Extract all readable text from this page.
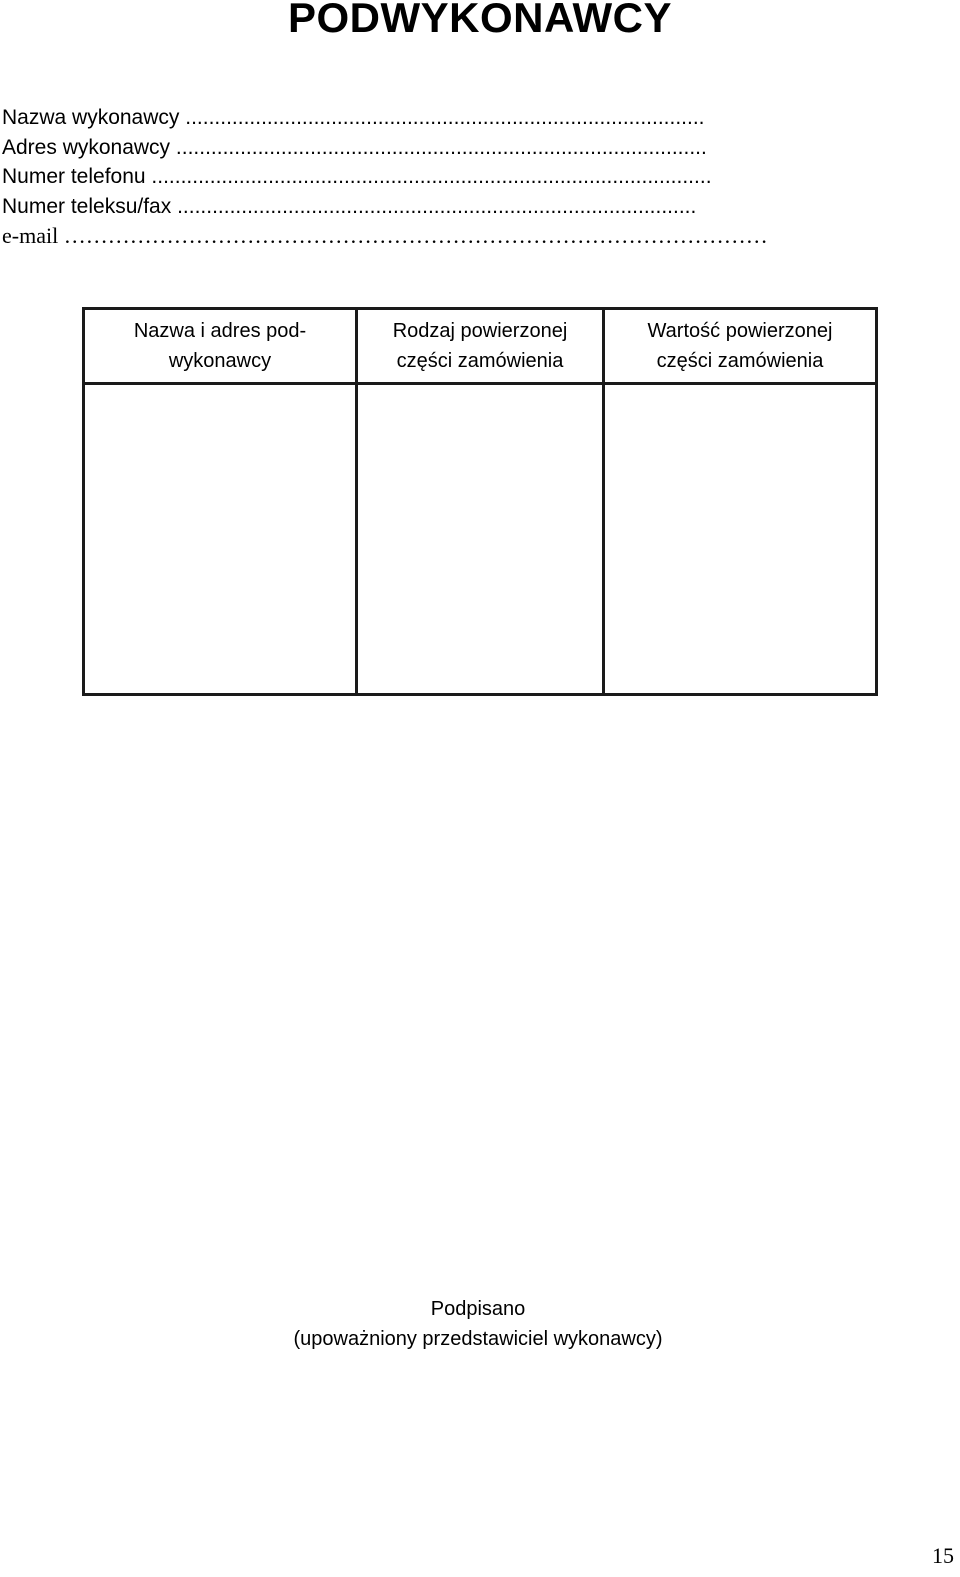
PODWYKONAWCY
Nazwa wykonawcy .........................................................................................
Adres wykonawcy ...........................................................................................
Numer telefonu ................................................................................................
Numer teleksu/fax .........................................................................................
e-mail ……………………………………………………………………………………
Nazwa i adres pod-wykonawcy	Rodzaj powierzonej części zamówienia	Wartość powierzonej części zamówienia

Podpisano
(upoważniony przedstawiciel wykonawcy)
15
